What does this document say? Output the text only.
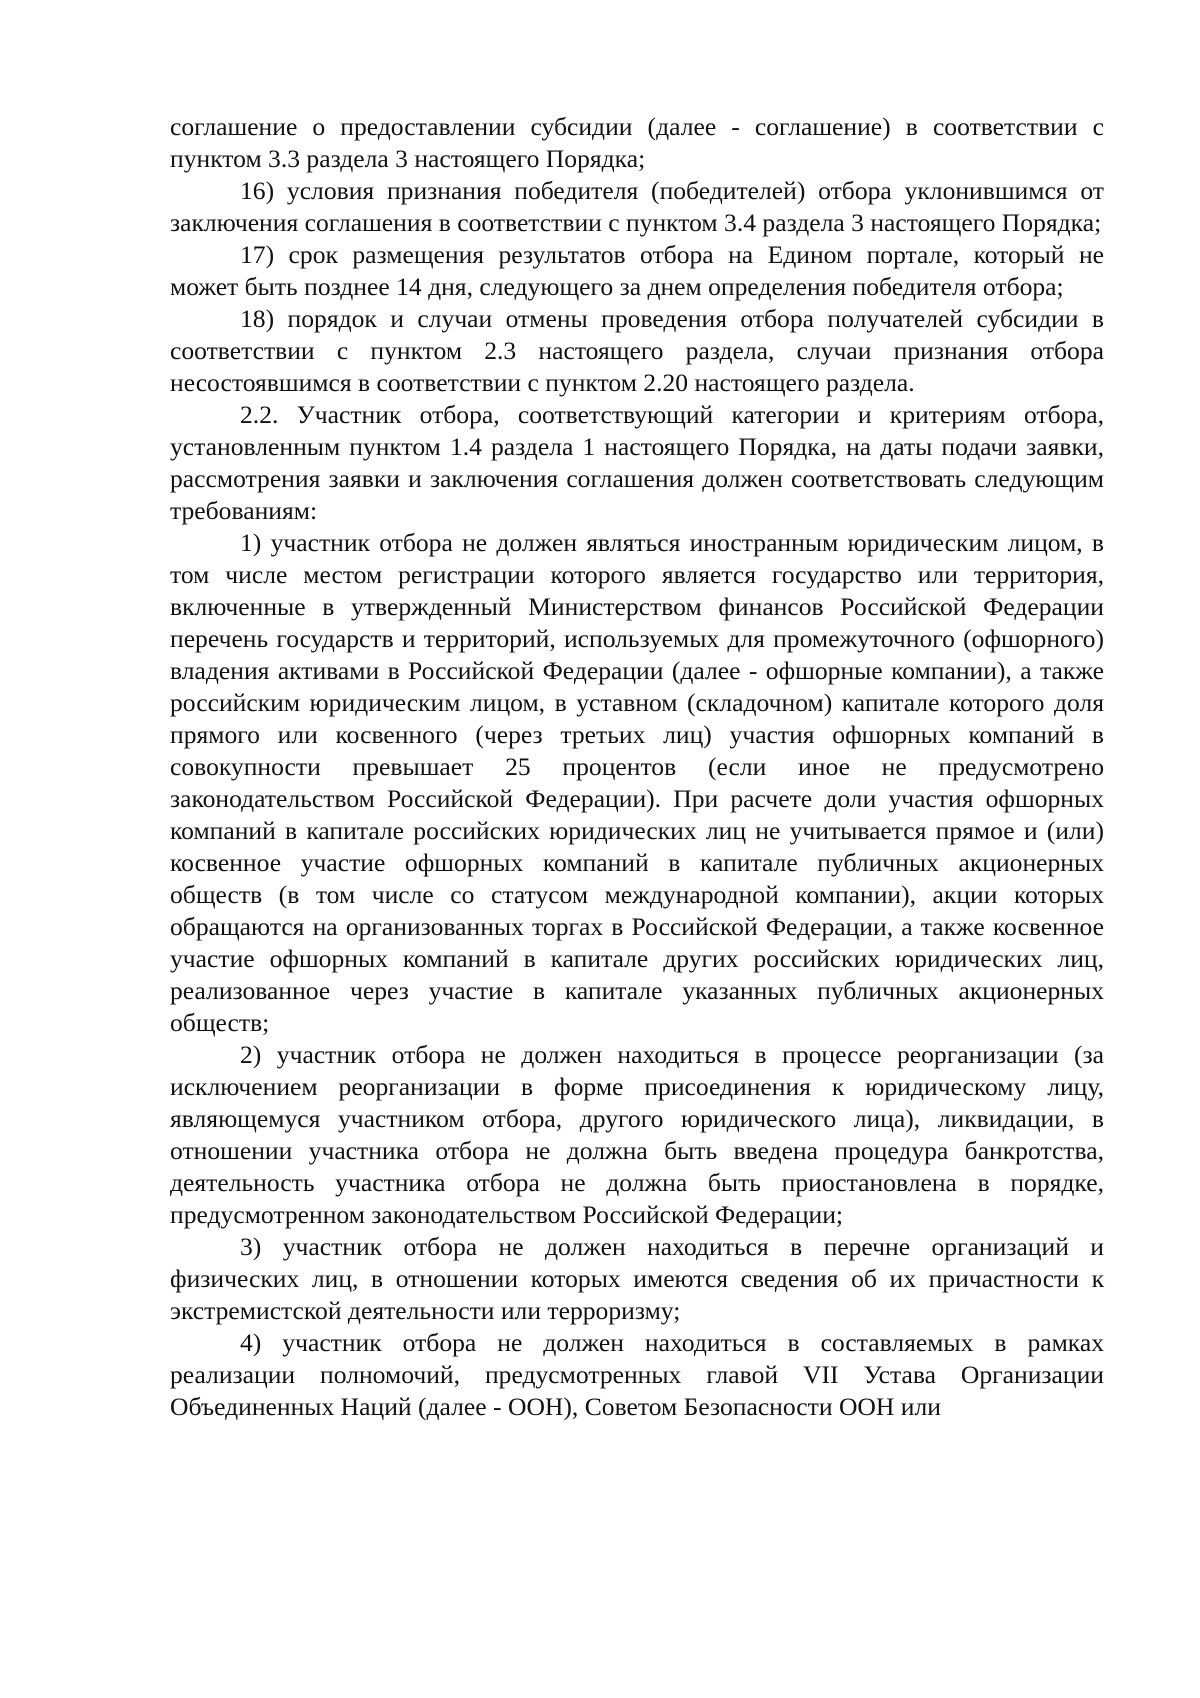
соглашение о предоставлении субсидии (далее - соглашение) в соответствии с пунктом 3.3 раздела 3 настоящего Порядка;

16) условия признания победителя (победителей) отбора уклонившимся от заключения соглашения в соответствии с пунктом 3.4 раздела 3 настоящего Порядка;

17) срок размещения результатов отбора на Едином портале, который не может быть позднее 14 дня, следующего за днем определения победителя отбора;

18) порядок и случаи отмены проведения отбора получателей субсидии в соответствии с пунктом 2.3 настоящего раздела, случаи признания отбора несостоявшимся в соответствии с пунктом 2.20 настоящего раздела.

2.2. Участник отбора, соответствующий категории и критериям отбора, установленным пунктом 1.4 раздела 1 настоящего Порядка, на даты подачи заявки, рассмотрения заявки и заключения соглашения должен соответствовать следующим требованиям:

1) участник отбора не должен являться иностранным юридическим лицом, в том числе местом регистрации которого является государство или территория, включенные в утвержденный Министерством финансов Российской Федерации перечень государств и территорий, используемых для промежуточного (офшорного) владения активами в Российской Федерации (далее - офшорные компании), а также российским юридическим лицом, в уставном (складочном) капитале которого доля прямого или косвенного (через третьих лиц) участия офшорных компаний в совокупности превышает 25 процентов (если иное не предусмотрено законодательством Российской Федерации). При расчете доли участия офшорных компаний в капитале российских юридических лиц не учитывается прямое и (или) косвенное участие офшорных компаний в капитале публичных акционерных обществ (в том числе со статусом международной компании), акции которых обращаются на организованных торгах в Российской Федерации, а также косвенное участие офшорных компаний в капитале других российских юридических лиц, реализованное через участие в капитале указанных публичных акционерных обществ;

2) участник отбора не должен находиться в процессе реорганизации (за исключением реорганизации в форме присоединения к юридическому лицу, являющемуся участником отбора, другого юридического лица), ликвидации, в отношении участника отбора не должна быть введена процедура банкротства, деятельность участника отбора не должна быть приостановлена в порядке, предусмотренном законодательством Российской Федерации;

3) участник отбора не должен находиться в перечне организаций и физических лиц, в отношении которых имеются сведения об их причастности к экстремистской деятельности или терроризму;

4) участник отбора не должен находиться в составляемых в рамках реализации полномочий, предусмотренных главой VII Устава Организации Объединенных Наций (далее - ООН), Советом Безопасности ООН или
